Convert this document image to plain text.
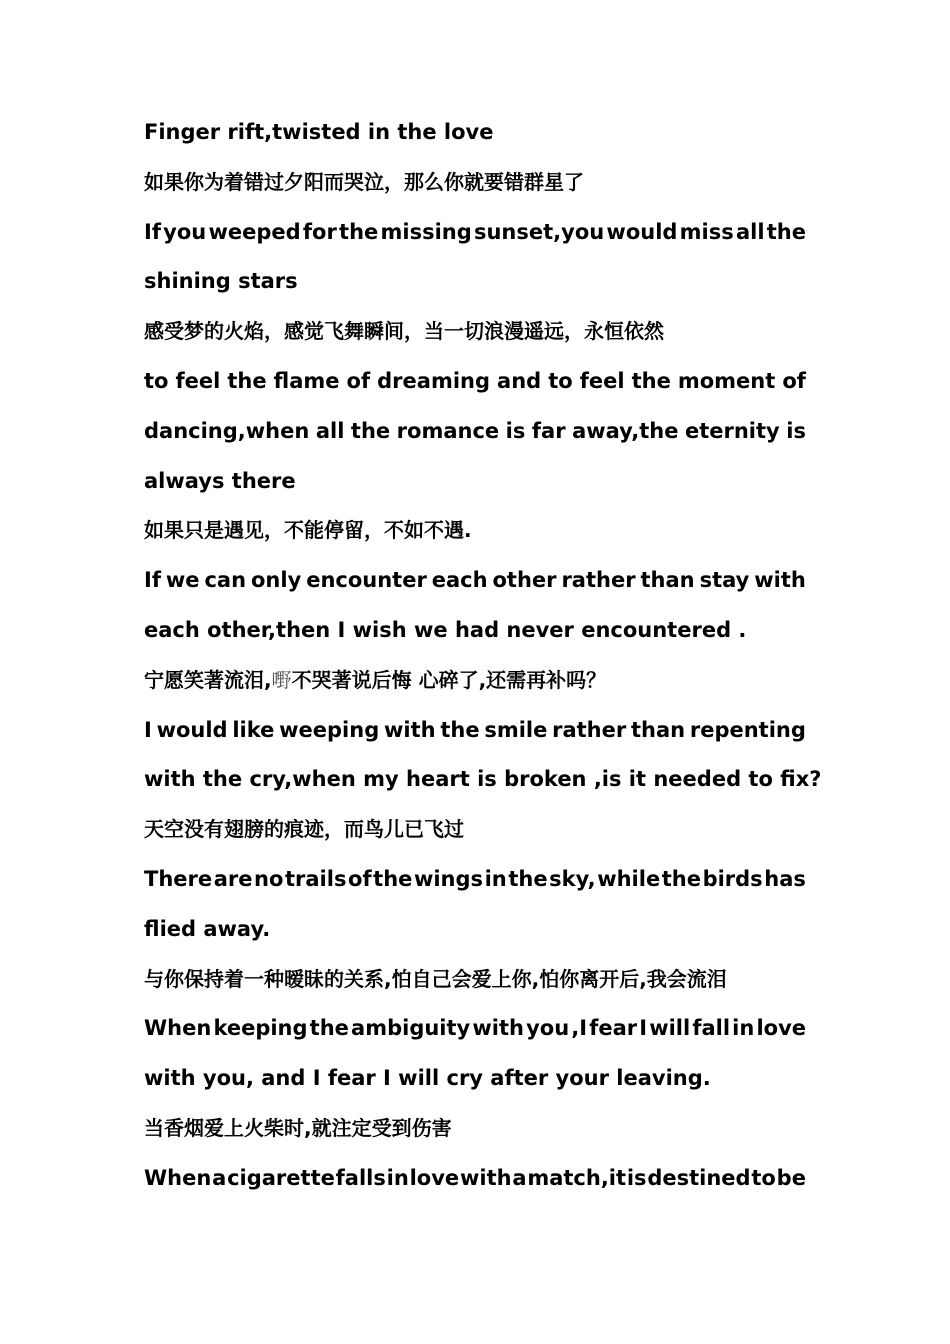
Finger rift,twisted in the love

如果你为着错过夕阳而哭泣，那么你就要错群星了

If you weeped for the missing sunset,you would miss all the

shining stars

感受梦的火焰，感觉飞舞瞬间，当一切浪漫遥远，永恒依然

to feel the flame of dreaming and to feel the moment of

dancing,when all the romance is far away,the eternity is

always there

如果只是遇见，不能停留，不如不遇.

If we can only encounter each other rather than stay with

each other,then I wish we had never encountered .

宁愿笑著流泪,嘢不哭著说后悔 心碎了,还需再补吗？

I would like weeping with the smile rather than repenting

with the cry,when my heart is broken ,is it needed to fix?

天空没有翅膀的痕迹，而鸟儿已飞过

There are no trails of the wings in the sky, while the birds has

flied away.

与你保持着一种暧昧的关系,怕自己会爱上你,怕你离开后,我会流泪

When keeping the ambiguity with you ,I fear I will fall in love

with you, and I fear I will cry after your leaving.

当香烟爱上火柴时,就注定受到伤害

When a cigarette falls in love with a match,it is destined to be
